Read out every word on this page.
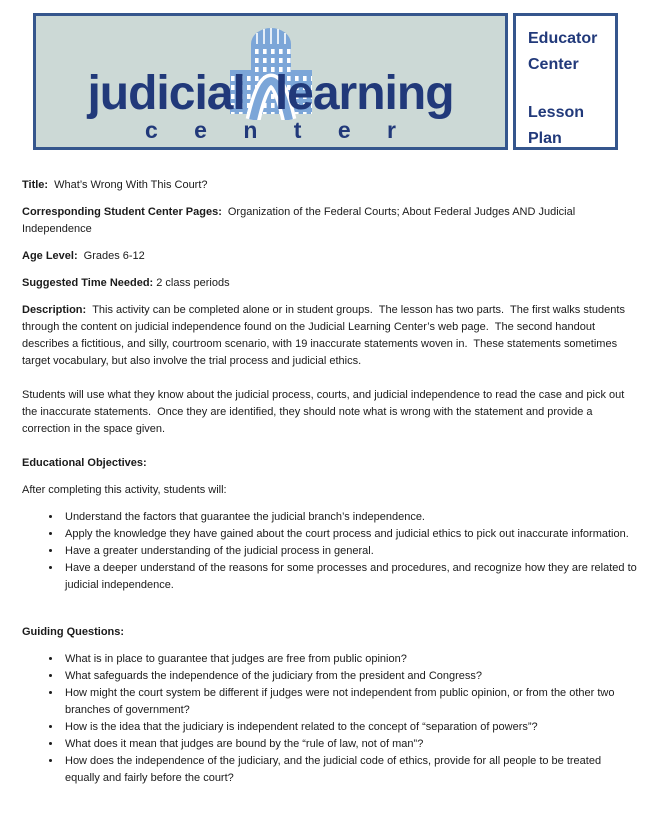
judicial learning
c e n t e r
Educator
Center
Lesson
Plan

Title: What’s Wrong With This Court?

Corresponding Student Center Pages: Organization of the Federal Courts; About Federal Judges AND Judicial Independence

Age Level: Grades 6-12

Suggested Time Needed: 2 class periods

Description: This activity can be completed alone or in student groups.  The lesson has two parts.  The first walks students through the content on judicial independence found on the Judicial Learning Center’s web page.  The second handout describes a fictitious, and silly, courtroom scenario, with 19 inaccurate statements woven in.  These statements sometimes target vocabulary, but also involve the trial process and judicial ethics.

Students will use what they know about the judicial process, courts, and judicial independence to read the case and pick out the inaccurate statements.  Once they are identified, they should note what is wrong with the statement and provide a correction in the space given.

Educational Objectives:

After completing this activity, students will:

• Understand the factors that guarantee the judicial branch’s independence.
• Apply the knowledge they have gained about the court process and judicial ethics to pick out inaccurate information.
• Have a greater understanding of the judicial process in general.
• Have a deeper understand of the reasons for some processes and procedures, and recognize how they are related to judicial independence.

Guiding Questions:

• What is in place to guarantee that judges are free from public opinion?
• What safeguards the independence of the judiciary from the president and Congress?
• How might the court system be different if judges were not independent from public opinion, or from the other two branches of government?
• How is the idea that the judiciary is independent related to the concept of “separation of powers”?
• What does it mean that judges are bound by the “rule of law, not of man”?
• How does the independence of the judiciary, and the judicial code of ethics, provide for all people to be treated equally and fairly before the court?
